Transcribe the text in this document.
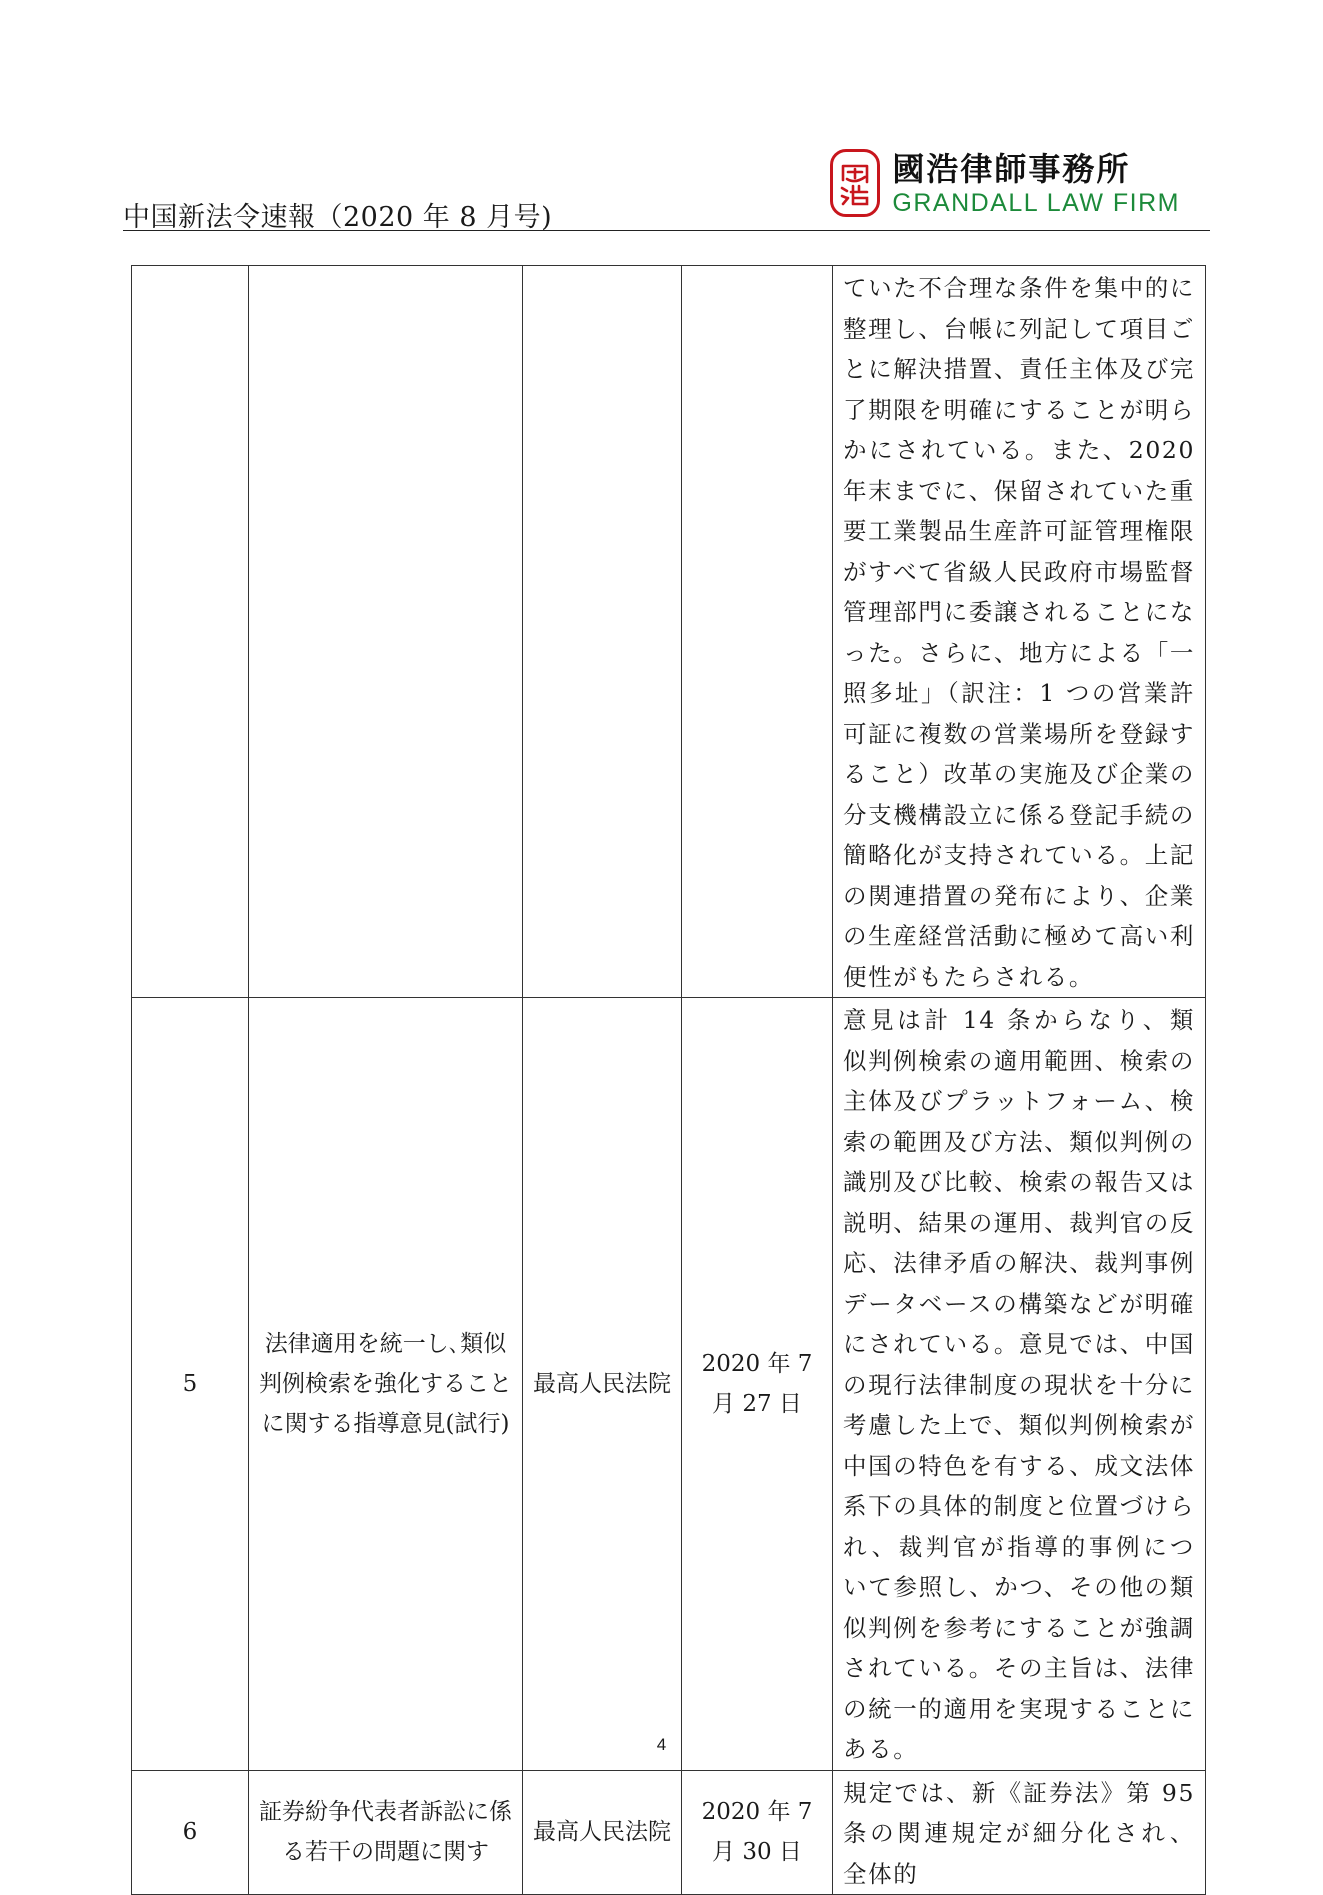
中国新法令速報（2020 年 8 月号)
國浩律師事務所
GRANDALL LAW FIRM
				ていた不合理な条件を集中的に整理し、台帳に列記して項目ごとに解決措置、責任主体及び完了期限を明確にすることが明らかにされている。また、2020 年末までに、保留されていた重要工業製品生産許可証管理権限がすべて省級人民政府市場監督管理部門に委譲されることになった。さらに、地方による「一照多址」（訳注：1 つの営業許可証に複数の営業場所を登録すること）改革の実施及び企業の分支機構設立に係る登記手続の簡略化が支持されている。上記の関連措置の発布により、企業の生産経営活動に極めて高い利便性がもたらされる。
5	法律適用を統一し､類似判例検索を強化することに関する指導意見(試行)	最高人民法院	2020 年 7 月 27 日	意見は計 14 条からなり、類似判例検索の適用範囲、検索の主体及びプラットフォーム、検索の範囲及び方法、類似判例の識別及び比較、検索の報告又は説明、結果の運用、裁判官の反応、法律矛盾の解決、裁判事例データベースの構築などが明確にされている。意見では、中国の現行法律制度の現状を十分に考慮した上で、類似判例検索が中国の特色を有する、成文法体系下の具体的制度と位置づけられ、裁判官が指導的事例について参照し、かつ、その他の類似判例を参考にすることが強調されている。その主旨は、法律の統一的適用を実現することにある。
6	証券紛争代表者訴訟に係る若干の問題に関す	最高人民法院	2020 年 7 月 30 日	規定では、新《証券法》第 95 条の関連規定が細分化され、全体的
4
